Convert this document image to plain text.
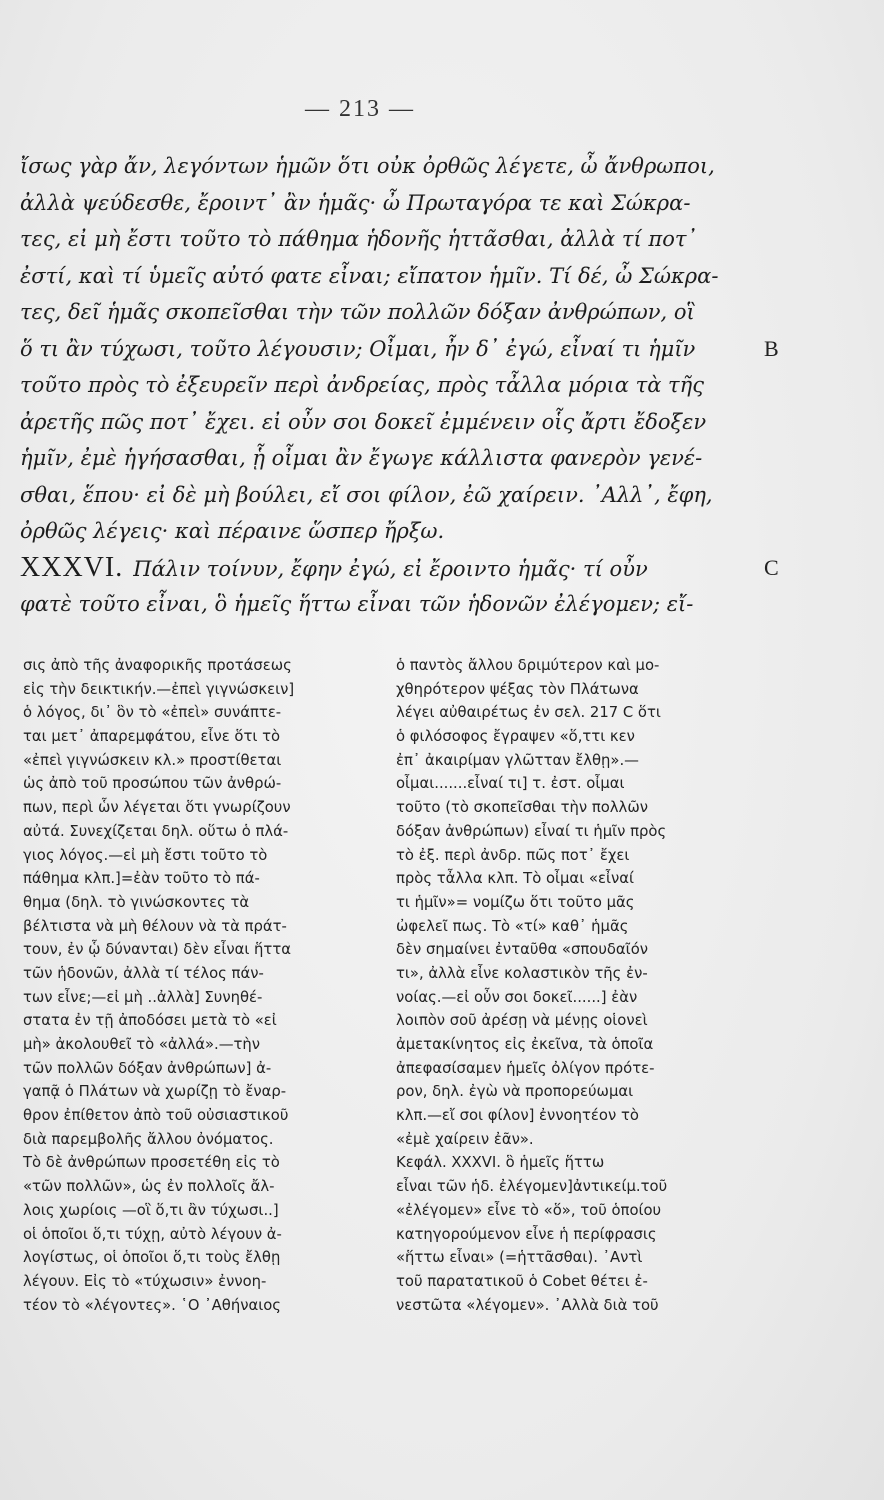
— 213 —
ἴσως γὰρ ἄν, λεγόντων ἡμῶν ὅτι οὐκ ὀρθῶς λέγετε, ὦ ἄνθρωποι,
ἀλλὰ ψεύδεσθε, ἔροιντ᾽ ἂν ἡμᾶς· ὦ Πρωταγόρα τε καὶ Σώκρα-
τες, εἰ μὴ ἔστι τοῦτο τὸ πάθημα ἡδονῆς ἡττᾶσθαι, ἀλλὰ τί ποτ᾽
ἐστί, καὶ τί ὑμεῖς αὐτό φατε εἶναι; εἴπατον ἡμῖν. Τί δέ, ὦ Σώκρα-
τες, δεῖ ἡμᾶς σκοπεῖσθαι τὴν τῶν πολλῶν δόξαν ἀνθρώπων, οἳ
ὅ τι ἂν τύχωσι, τοῦτο λέγουσιν; Οἶμαι, ἦν δ᾽ ἐγώ, εἶναί τι ἡμῖν	B
τοῦτο πρὸς τὸ ἐξευρεῖν περὶ ἀνδρείας, πρὸς τἆλλα μόρια τὰ τῆς
ἀρετῆς πῶς ποτ᾽ ἔχει. εἰ οὖν σοι δοκεῖ ἐμμένειν οἷς ἄρτι ἔδοξεν
ἡμῖν, ἐμὲ ἡγήσασθαι, ᾗ οἶμαι ἂν ἔγωγε κάλλιστα φανερὸν γενέ-
σθαι, ἕπου· εἰ δὲ μὴ βούλει, εἴ σοι φίλον, ἐῶ χαίρειν. ᾿Αλλ᾽, ἔφη,
ὀρθῶς λέγεις· καὶ πέραινε ὥσπερ ἤρξω.
XXXVI. Πάλιν τοίνυν, ἔφην ἐγώ, εἰ ἔροιντο ἡμᾶς· τί οὖν	C
φατὲ τοῦτο εἶναι, ὃ ἡμεῖς ἥττω εἶναι τῶν ἡδονῶν ἐλέγομεν; εἴ-
σις ἀπὸ τῆς ἀναφορικῆς προτάσεως
εἰς τὴν δεικτικήν.—ἐπεὶ γιγνώσκειν]
ὁ λόγος, δι᾽ ὃν τὸ «ἐπεὶ» συνάπτε-
ται μετ᾽ ἀπαρεμφάτου, εἶνε ὅτι τὸ
«ἐπεὶ γιγνώσκειν κλ.» προστίθεται
ὡς ἀπὸ τοῦ προσώπου τῶν ἀνθρώ-
πων, περὶ ὧν λέγεται ὅτι γνωρίζουν
αὐτά. Συνεχίζεται δηλ. οὕτω ὁ πλά-
γιος λόγος.—εἰ μὴ ἔστι τοῦτο τὸ
πάθημα κλπ.]=ἐὰν τοῦτο τὸ πά-
θημα (δηλ. τὸ γινώσκοντες τὰ
βέλτιστα νὰ μὴ θέλουν νὰ τὰ πράτ-
τουν, ἐν ᾧ δύνανται) δὲν εἶναι ἥττα
τῶν ἡδονῶν, ἀλλὰ τί τέλος πάν-
των εἶνε;—εἰ μὴ ..ἀλλὰ] Συνηθέ-
στατα ἐν τῇ ἀποδόσει μετὰ τὸ «εἰ
μὴ» ἀκολουθεῖ τὸ «ἀλλά».—τὴν
τῶν πολλῶν δόξαν ἀνθρώπων] ἀ-
γαπᾷ ὁ Πλάτων νὰ χωρίζῃ τὸ ἔναρ-
θρον ἐπίθετον ἀπὸ τοῦ οὐσιαστικοῦ
διὰ παρεμβολῆς ἄλλου ὀνόματος.
Τὸ δὲ ἀνθρώπων προσετέθη εἰς τὸ
«τῶν πολλῶν», ὡς ἐν πολλοῖς ἄλ-
λοις χωρίοις —οἳ ὅ,τι ἂν τύχωσι..]
οἱ ὁποῖοι ὅ,τι τύχῃ, αὐτὸ λέγουν ἀ-
λογίστως, οἱ ὁποῖοι ὅ,τι τοὺς ἔλθῃ
λέγουν. Εἰς τὸ «τύχωσιν» ἐννοη-
τέον τὸ «λέγοντες». ῾Ο ᾿Αθήναιος
ὁ παντὸς ἄλλου δριμύτερον καὶ μο-
χθηρότερον ψέξας τὸν Πλάτωνα
λέγει αὐθαιρέτως ἐν σελ. 217 C ὅτι
ὁ φιλόσοφος ἔγραψεν «ὅ,ττι κεν
ἐπ᾽ ἀκαιρίμαν γλῶτταν ἔλθῃ».—
οἶμαι.......εἶναί τι] τ. ἐστ. οἶμαι
τοῦτο (τὸ σκοπεῖσθαι τὴν πολλῶν
δόξαν ἀνθρώπων) εἶναί τι ἡμῖν πρὸς
τὸ ἐξ. περὶ ἀνδρ. πῶς ποτ᾽ ἔχει
πρὸς τἆλλα κλπ. Τὸ οἶμαι «εἶναί
τι ἡμῖν»= νομίζω ὅτι τοῦτο μᾶς
ὠφελεῖ πως. Τὸ «τί» καθ᾽ ἡμᾶς
δὲν σημαίνει ἐνταῦθα «σπουδαῖόν
τι», ἀλλὰ εἶνε κολαστικὸν τῆς ἐν-
νοίας.—εἰ οὖν σοι δοκεῖ......] ἐὰν
λοιπὸν σοῦ ἀρέσῃ νὰ μένῃς οἱονεὶ
ἀμετακίνητος εἰς ἐκεῖνα, τὰ ὁποῖα
ἀπεφασίσαμεν ἡμεῖς ὀλίγον πρότε-
ρον, δηλ. ἐγὼ νὰ προπορεύωμαι
κλπ.—εἴ σοι φίλον] ἐννοητέον τὸ
«ἐμὲ χαίρειν ἐᾶν».
Κεφάλ. XXXVI. ὃ ἡμεῖς ἥττω
εἶναι τῶν ἡδ. ἐλέγομεν]ἀντικείμ.τοῦ
«ἐλέγομεν» εἶνε τὸ «ὅ», τοῦ ὁποίου
κατηγορούμενον εἶνε ἡ περίφρασις
«ἥττω εἶναι» (=ἡττᾶσθαι). ᾿Αντὶ
τοῦ παρατατικοῦ ὁ Cobet θέτει ἐ-
νεστῶτα «λέγομεν». ᾿Αλλὰ διὰ τοῦ
